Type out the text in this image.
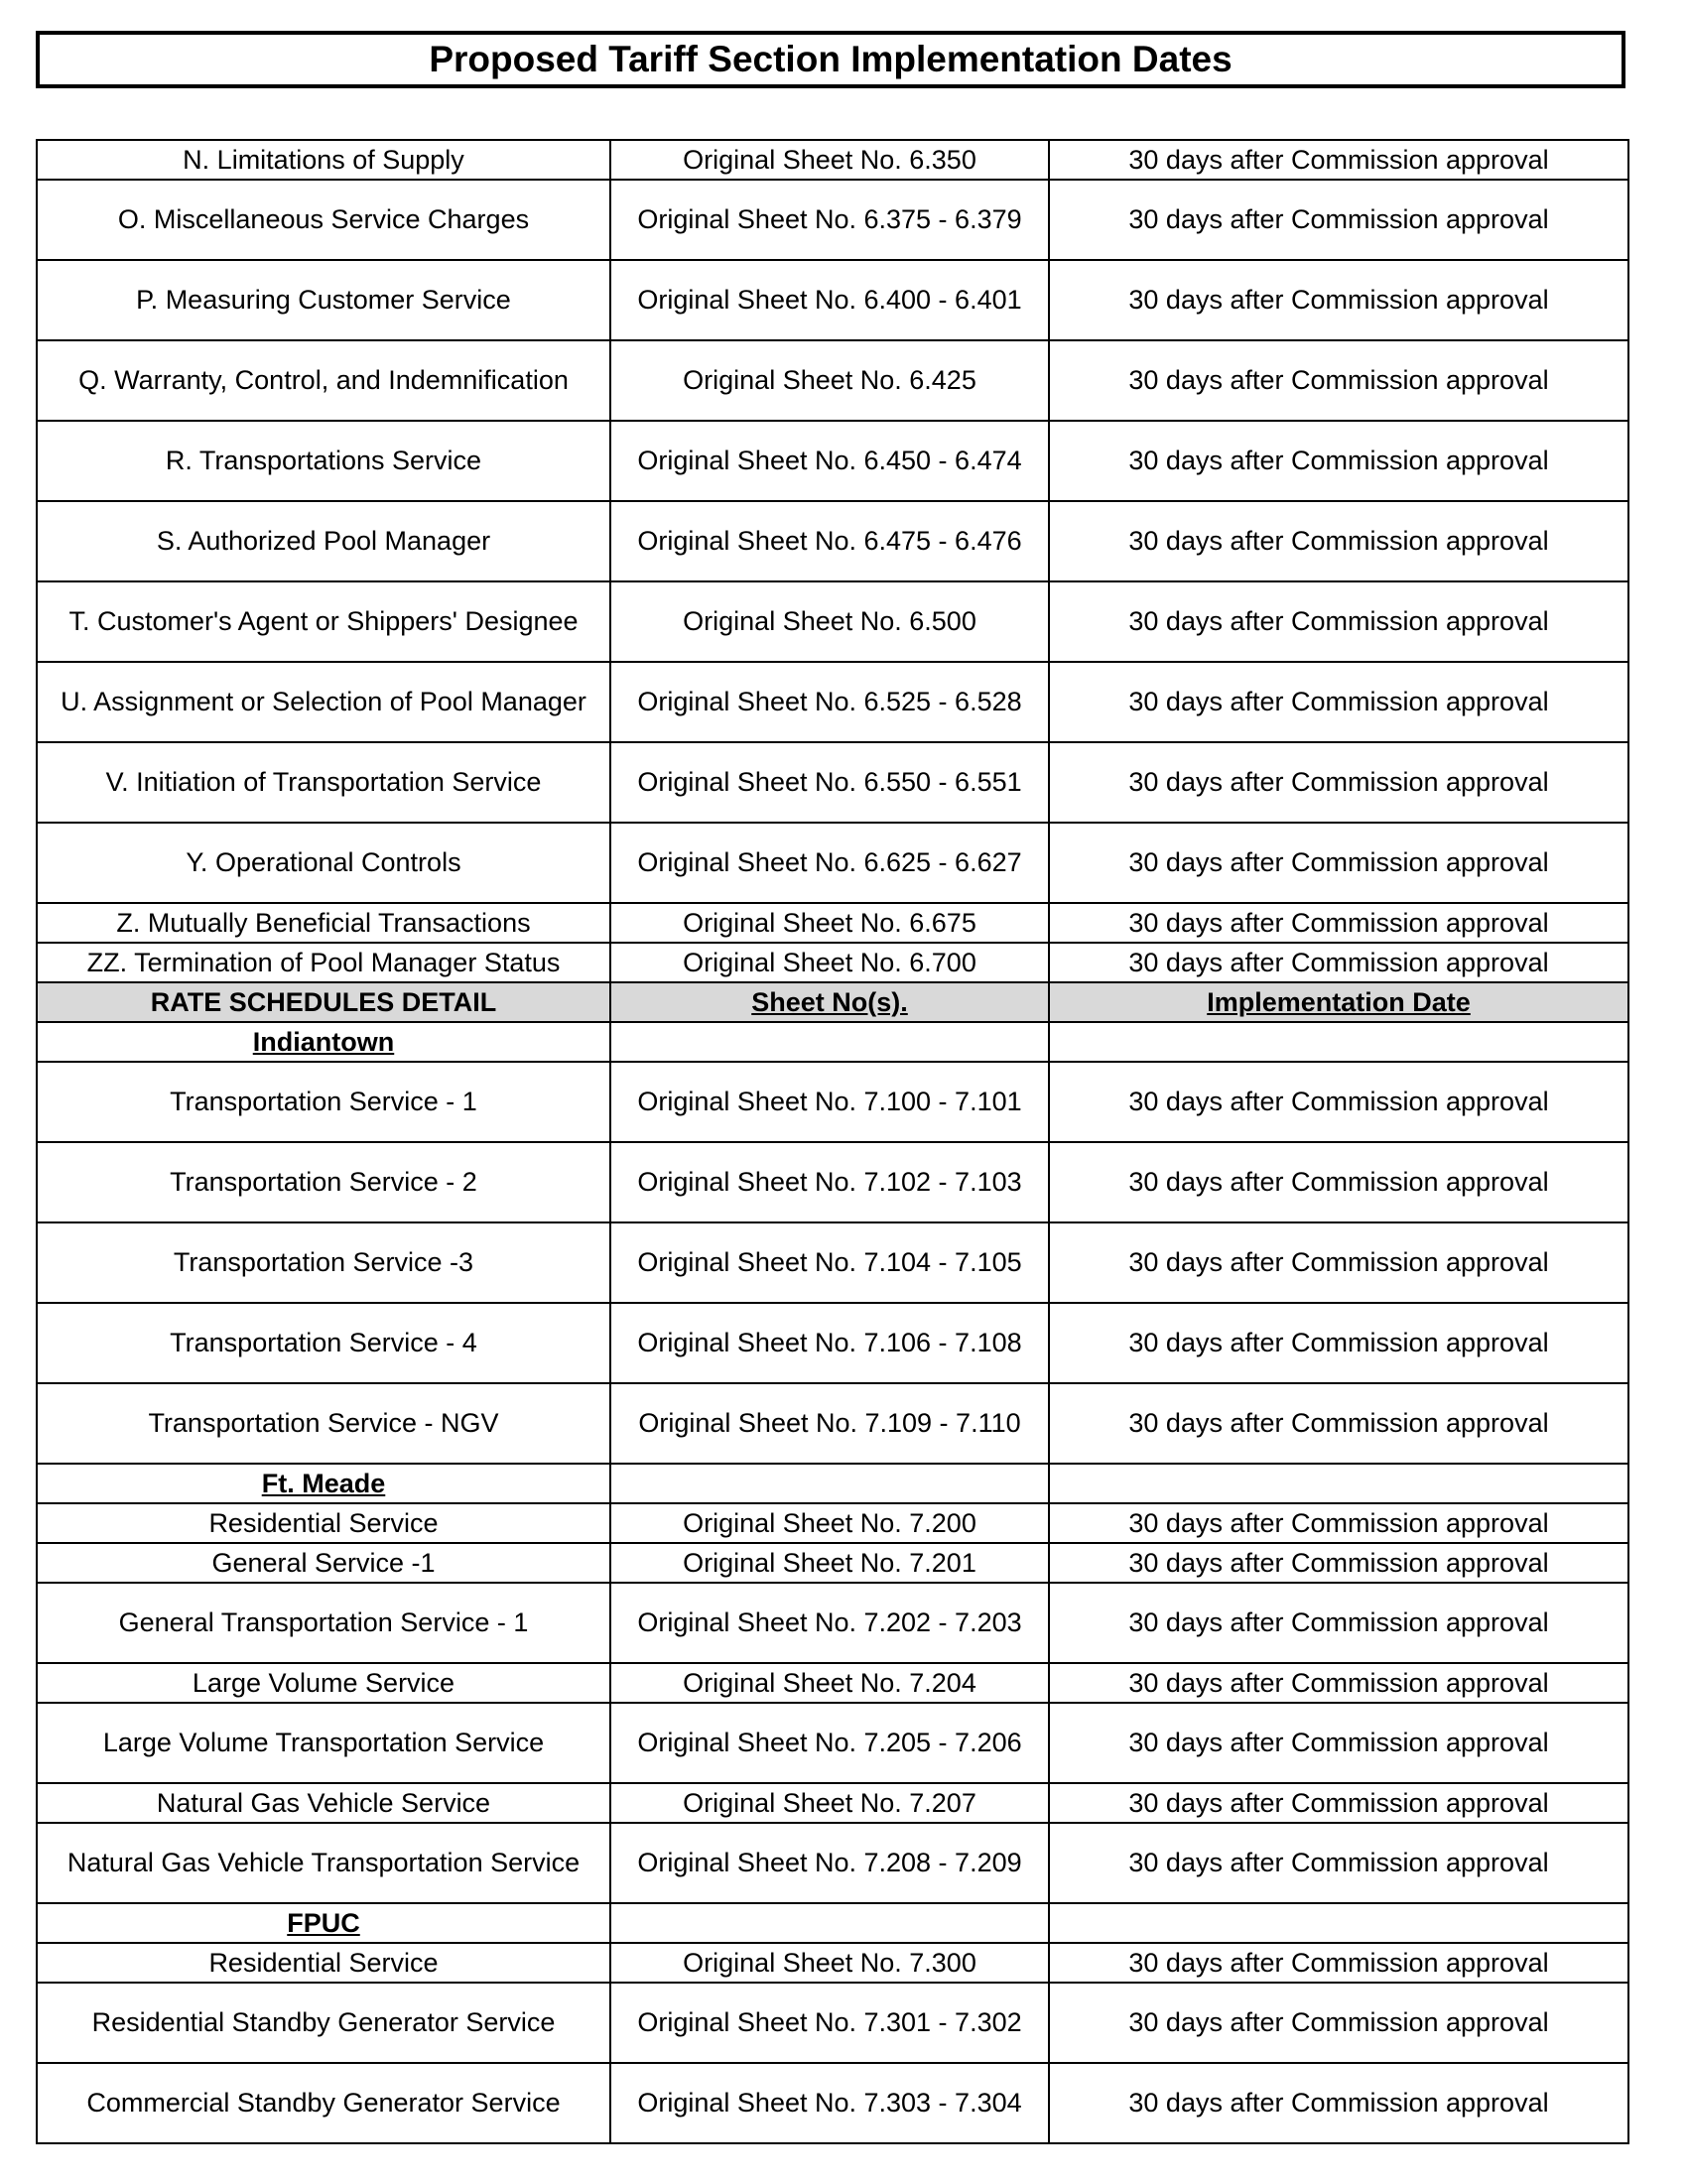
Proposed Tariff Section Implementation Dates
N. Limitations of Supply	Original Sheet No. 6.350	30 days after Commission approval
O. Miscellaneous Service Charges	Original Sheet No. 6.375 - 6.379	30 days after Commission approval
P. Measuring Customer Service	Original Sheet No. 6.400 - 6.401	30 days after Commission approval
Q. Warranty, Control, and Indemnification	Original Sheet No. 6.425	30 days after Commission approval
R. Transportations Service	Original Sheet No. 6.450 - 6.474	30 days after Commission approval
S. Authorized Pool Manager	Original Sheet No. 6.475 - 6.476	30 days after Commission approval
T. Customer's Agent or Shippers' Designee	Original Sheet No. 6.500	30 days after Commission approval
U. Assignment or Selection of Pool Manager	Original Sheet No. 6.525 - 6.528	30 days after Commission approval
V. Initiation of Transportation Service	Original Sheet No. 6.550 - 6.551	30 days after Commission approval
Y. Operational Controls	Original Sheet No. 6.625 - 6.627	30 days after Commission approval
Z. Mutually Beneficial Transactions	Original Sheet No. 6.675	30 days after Commission approval
ZZ. Termination of Pool Manager Status	Original Sheet No. 6.700	30 days after Commission approval
RATE SCHEDULES DETAIL	Sheet No(s).	Implementation Date
Indiantown		
Transportation Service - 1	Original Sheet No. 7.100 - 7.101	30 days after Commission approval
Transportation Service - 2	Original Sheet No. 7.102 - 7.103	30 days after Commission approval
Transportation Service -3	Original Sheet No. 7.104 - 7.105	30 days after Commission approval
Transportation Service - 4	Original Sheet No. 7.106 - 7.108	30 days after Commission approval
Transportation Service - NGV	Original Sheet No. 7.109 - 7.110	30 days after Commission approval
Ft. Meade		
Residential Service	Original Sheet No. 7.200	30 days after Commission approval
General Service -1	Original Sheet No. 7.201	30 days after Commission approval
General Transportation Service - 1	Original Sheet No. 7.202 - 7.203	30 days after Commission approval
Large Volume Service	Original Sheet No. 7.204	30 days after Commission approval
Large Volume Transportation Service	Original Sheet No. 7.205 - 7.206	30 days after Commission approval
Natural Gas Vehicle Service	Original Sheet No. 7.207	30 days after Commission approval
Natural Gas Vehicle Transportation Service	Original Sheet No. 7.208 - 7.209	30 days after Commission approval
FPUC		
Residential Service	Original Sheet No. 7.300	30 days after Commission approval
Residential Standby Generator Service	Original Sheet No. 7.301 - 7.302	30 days after Commission approval
Commercial Standby Generator Service	Original Sheet No. 7.303 - 7.304	30 days after Commission approval
